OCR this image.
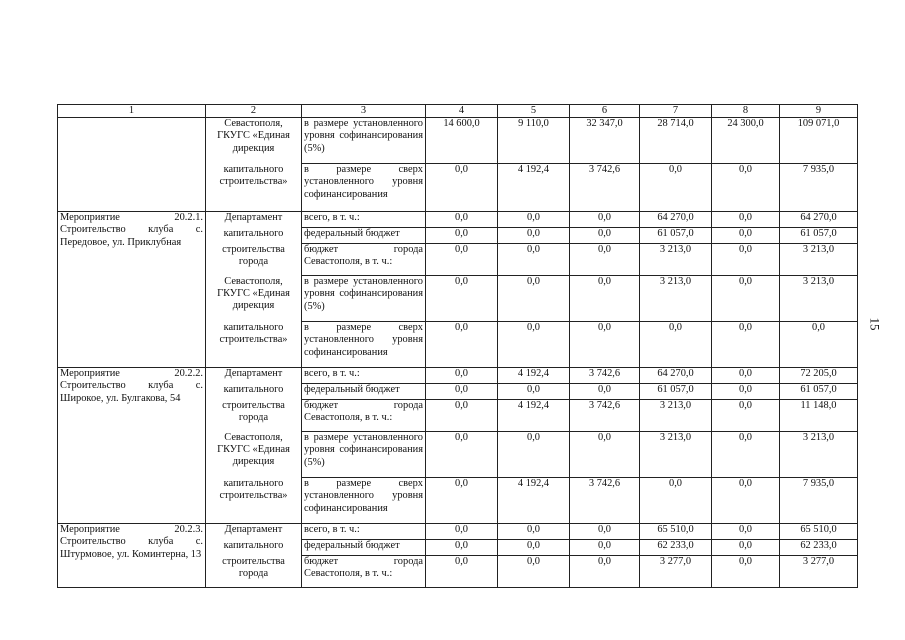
1	2	3	4	5	6	7	8	9
	Севастополя, ГКУГС «Единая дирекция	в размере установленного уровня софинансирования (5%)	14 600,0	9 110,0	32 347,0	28 714,0	24 300,0	109 071,0
	капитального строительства»	в размере сверх установленного уровня софинансирования	0,0	4 192,4	3 742,6	0,0	0,0	7 935,0
Мероприятие 20.2.1. Строительство клуба с. Передовое, ул. Приклубная	Департамент	всего, в т. ч.:	0,0	0,0	0,0	64 270,0	0,0	64 270,0
	капитального	федеральный бюджет	0,0	0,0	0,0	61 057,0	0,0	61 057,0
	строительства города	бюджет города Севастополя, в т. ч.:	0,0	0,0	0,0	3 213,0	0,0	3 213,0
	Севастополя, ГКУГС «Единая дирекция	в размере установленного уровня софинансирования (5%)	0,0	0,0	0,0	3 213,0	0,0	3 213,0
	капитального строительства»	в размере сверх установленного уровня софинансирования	0,0	0,0	0,0	0,0	0,0	0,0
Мероприятие 20.2.2. Строительство клуба с. Широкое, ул. Булгакова, 54	Департамент	всего, в т. ч.:	0,0	4 192,4	3 742,6	64 270,0	0,0	72 205,0
	капитального	федеральный бюджет	0,0	0,0	0,0	61 057,0	0,0	61 057,0
	строительства города	бюджет города Севастополя, в т. ч.:	0,0	4 192,4	3 742,6	3 213,0	0,0	11 148,0
	Севастополя, ГКУГС «Единая дирекция	в размере установленного уровня софинансирования (5%)	0,0	0,0	0,0	3 213,0	0,0	3 213,0
	капитального строительства»	в размере сверх установленного уровня софинансирования	0,0	4 192,4	3 742,6	0,0	0,0	7 935,0
Мероприятие 20.2.3. Строительство клуба с. Штурмовое, ул. Коминтерна, 13	Департамент	всего, в т. ч.:	0,0	0,0	0,0	65 510,0	0,0	65 510,0
	капитального	федеральный бюджет	0,0	0,0	0,0	62 233,0	0,0	62 233,0
	строительства города	бюджет города Севастополя, в т. ч.:	0,0	0,0	0,0	3 277,0	0,0	3 277,0
15
